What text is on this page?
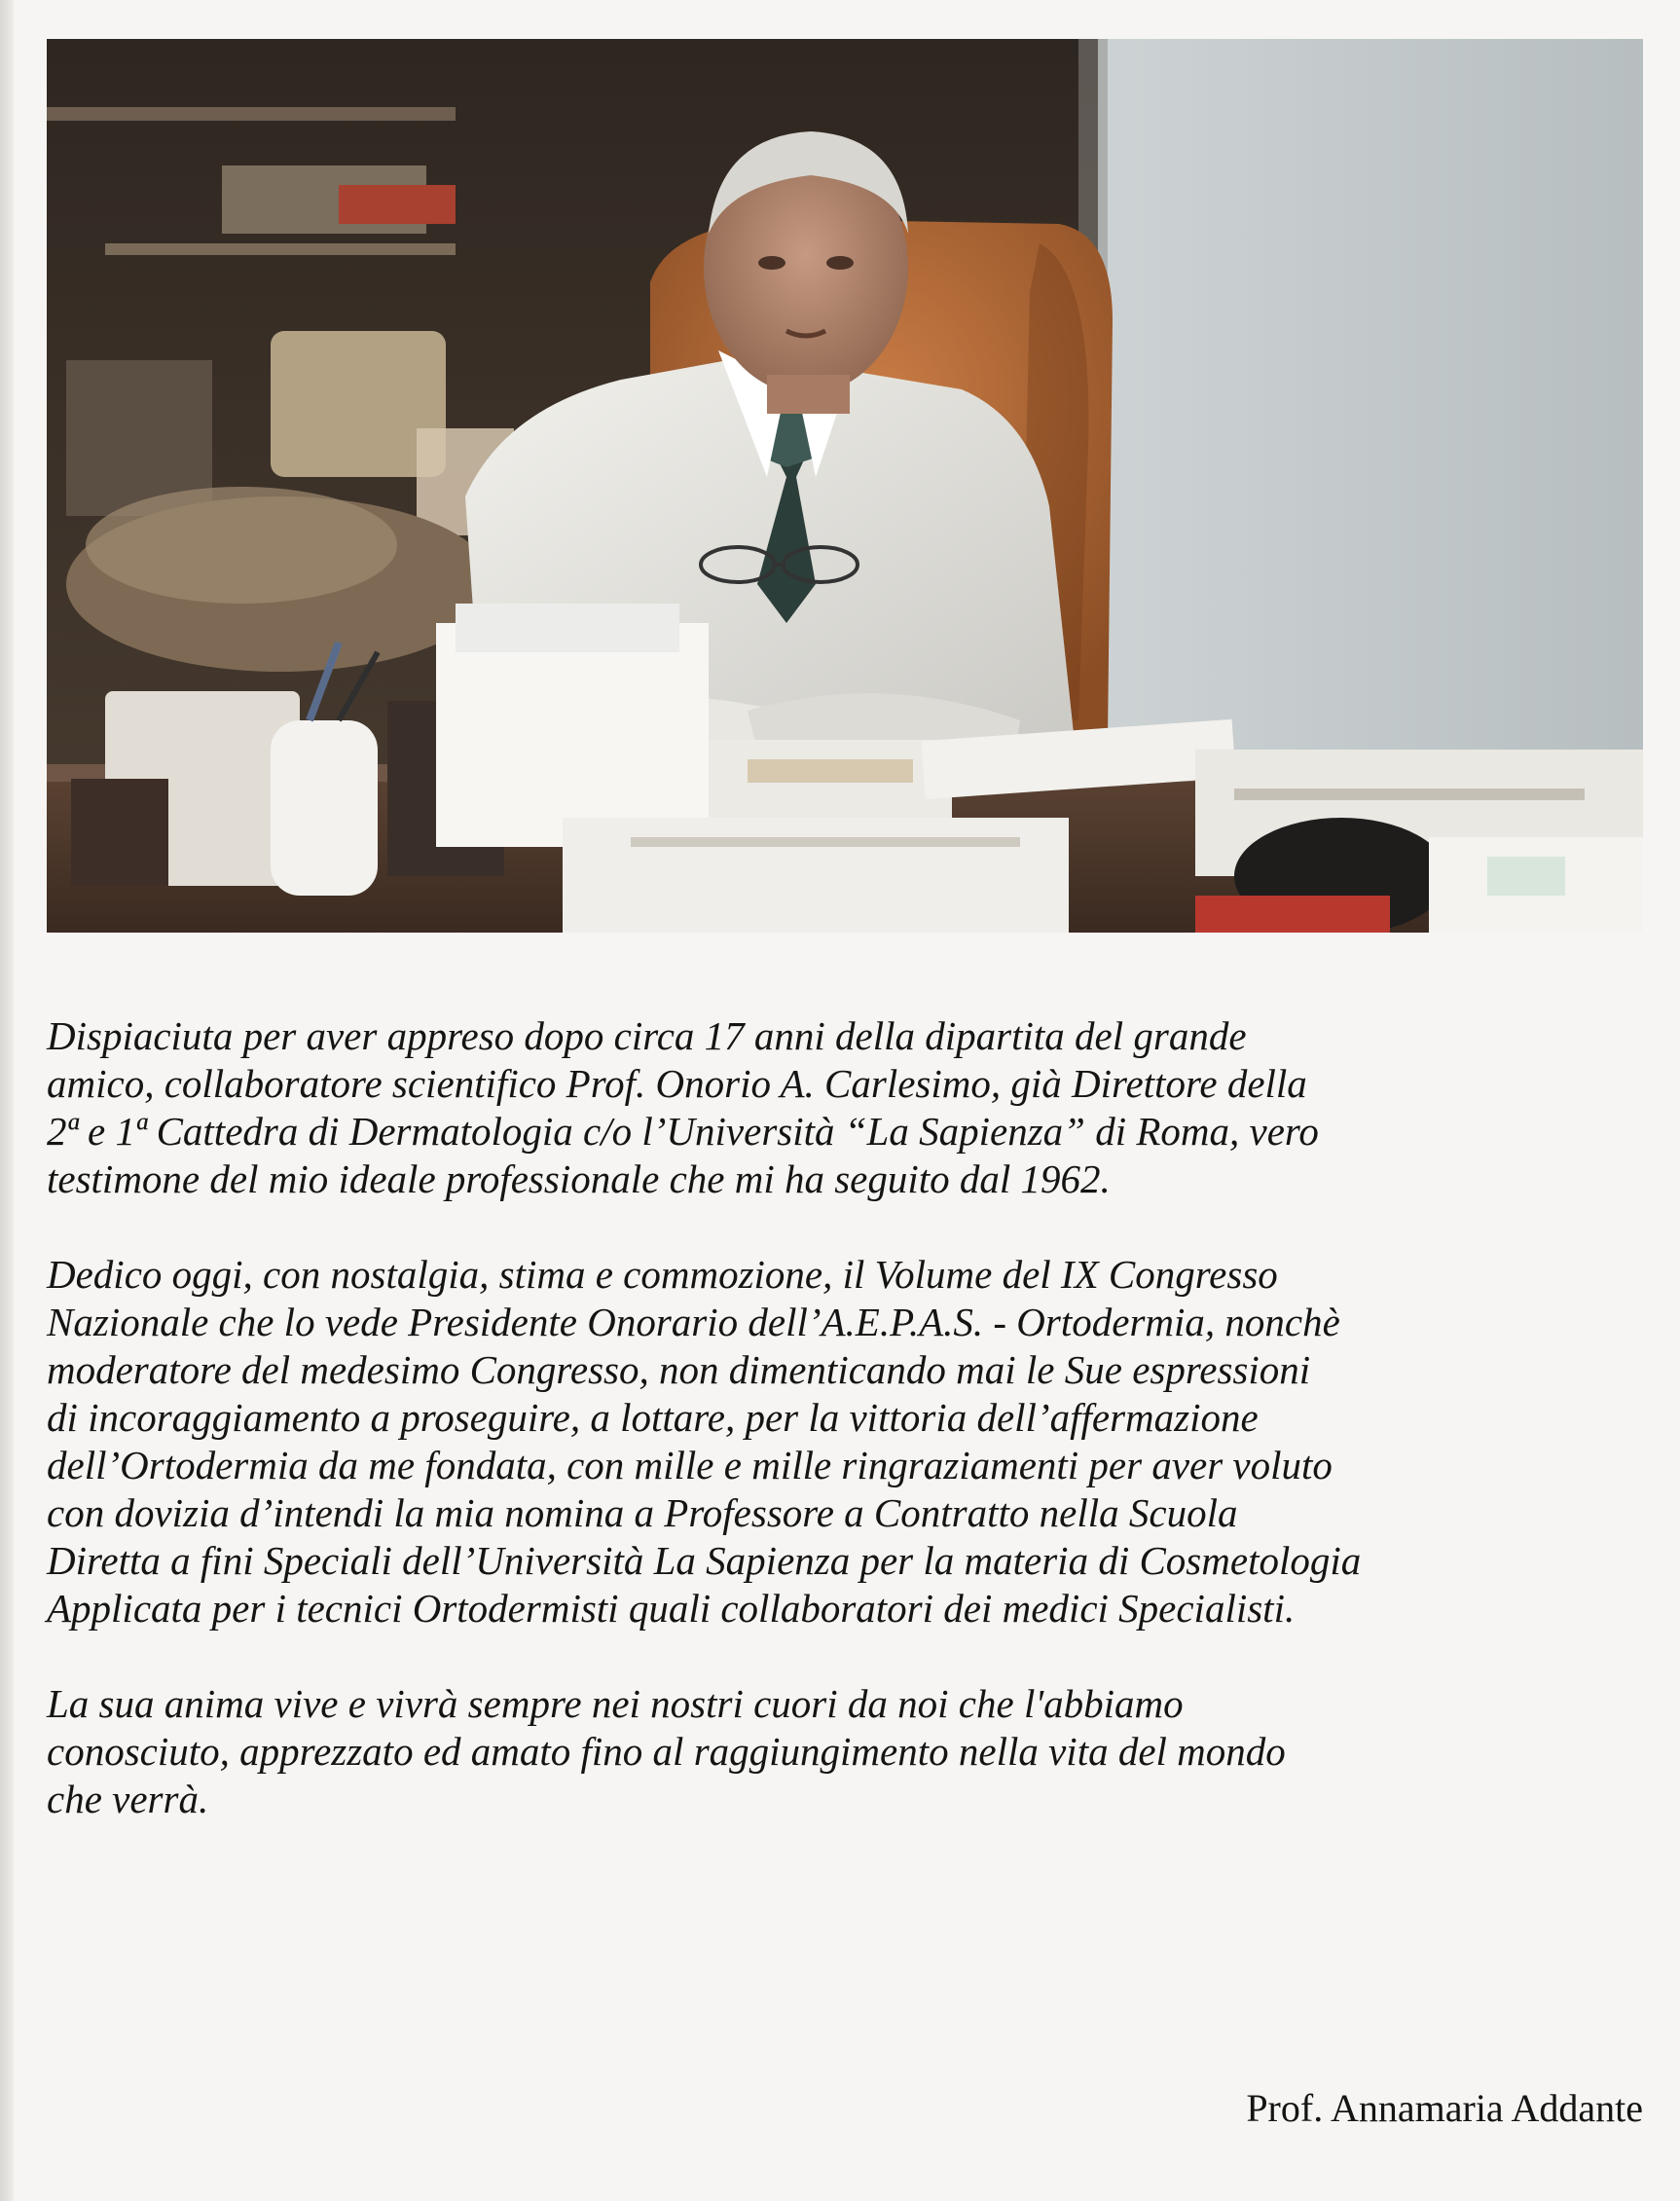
Dispiaciuta per aver appreso dopo circa 17 anni della dipartita del grande
amico, collaboratore scientifico Prof. Onorio A. Carlesimo, già Direttore della
2ª e 1ª Cattedra di Dermatologia c/o l’Università “La Sapienza” di Roma, vero
testimone del mio ideale professionale che mi ha seguito dal 1962.

Dedico oggi, con nostalgia, stima e commozione, il Volume del IX Congresso
Nazionale che lo vede Presidente Onorario dell’A.E.P.A.S. - Ortodermia, nonchè
moderatore del medesimo Congresso, non dimenticando mai le Sue espressioni
di incoraggiamento a proseguire, a lottare, per la vittoria dell’affermazione
dell’Ortodermia da me fondata, con mille e mille ringraziamenti per aver voluto
con dovizia d’intendi la mia nomina a Professore a Contratto nella Scuola
Diretta a fini Speciali dell’Università La Sapienza per la materia di Cosmetologia
Applicata per i tecnici Ortodermisti quali collaboratori dei medici Specialisti.

La sua anima vive e vivrà sempre nei nostri cuori da noi che l'abbiamo
conosciuto, apprezzato ed amato fino al raggiungimento nella vita del mondo
che verrà.

Prof. Annamaria Addante
